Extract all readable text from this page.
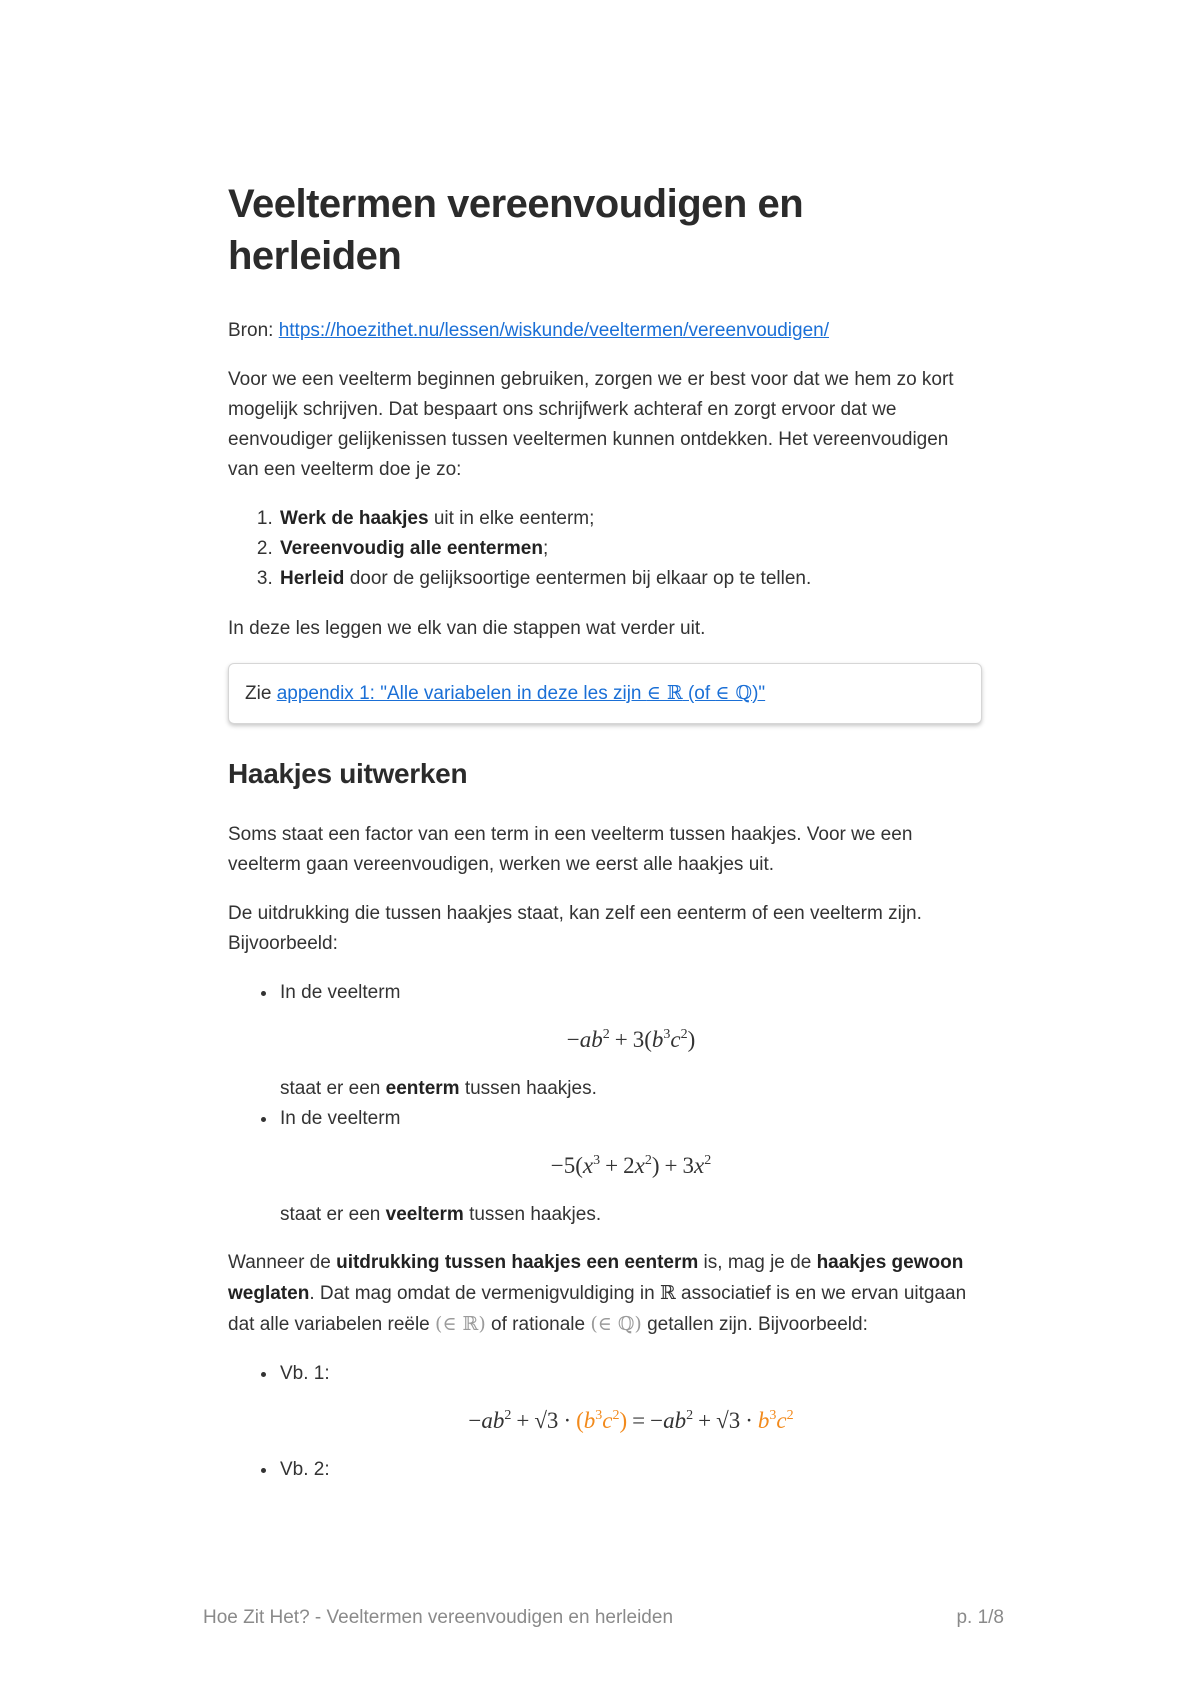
Veeltermen vereenvoudigen en herleiden

Bron: https://hoezithet.nu/lessen/wiskunde/veeltermen/vereenvoudigen/

Voor we een veelterm beginnen gebruiken, zorgen we er best voor dat we hem zo kort mogelijk schrijven. Dat bespaart ons schrijfwerk achteraf en zorgt ervoor dat we eenvoudiger gelijkenissen tussen veeltermen kunnen ontdekken. Het vereenvoudigen van een veelterm doe je zo:

1. Werk de haakjes uit in elke eenterm;
2. Vereenvoudig alle eentermen;
3. Herleid door de gelijksoortige eentermen bij elkaar op te tellen.

In deze les leggen we elk van die stappen wat verder uit.

Zie appendix 1: "Alle variabelen in deze les zijn ∈ ℝ (of ∈ ℚ)"
Haakjes uitwerken

Soms staat een factor van een term in een veelterm tussen haakjes. Voor we een veelterm gaan vereenvoudigen, werken we eerst alle haakjes uit.

De uitdrukking die tussen haakjes staat, kan zelf een eenterm of een veelterm zijn. Bijvoorbeeld:

• In de veelterm
$-ab^2 + 3(b^3c^2)$
staat er een eenterm tussen haakjes.
• In de veelterm
$-5(x^3 + 2x^2) + 3x^2$
staat er een veelterm tussen haakjes.

Wanneer de uitdrukking tussen haakjes een eenterm is, mag je de haakjes gewoon weglaten. Dat mag omdat de vermenigvuldiging in ℝ associatief is en we ervan uitgaan dat alle variabelen reële (∈ ℝ) of rationale (∈ ℚ) getallen zijn. Bijvoorbeeld:

• Vb. 1:
$-ab^2 + √3 \cdot (b^3c^2) = -ab^2 + √3 \cdot b^3c^2$
• Vb. 2:
Hoe Zit Het? - Veeltermen vereenvoudigen en herleiden	p. 1/8
